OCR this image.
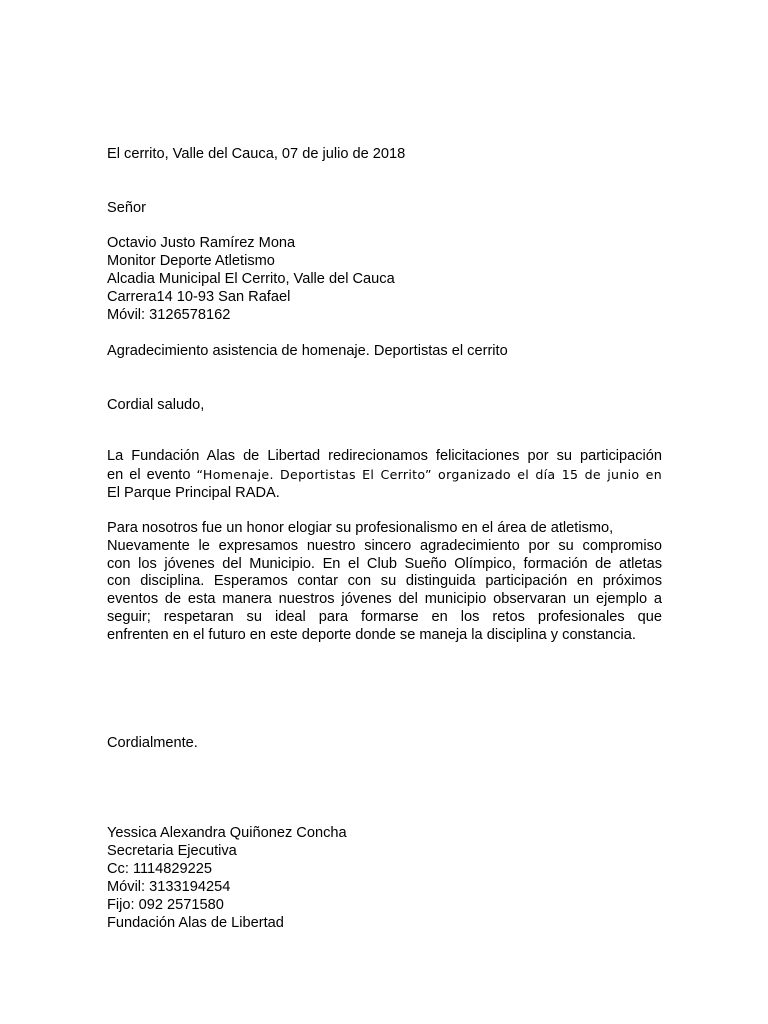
El cerrito, Valle del Cauca, 07 de julio de 2018
Señor
Octavio Justo Ramírez Mona
Monitor Deporte Atletismo
Alcadia Municipal El Cerrito, Valle del Cauca
Carrera14 10-93 San Rafael
Móvil: 3126578162
Agradecimiento asistencia de homenaje. Deportistas el cerrito
Cordial saludo,
La Fundación Alas de Libertad redirecionamos felicitaciones por su participación
en el evento “Homenaje. Deportistas El Cerrito” organizado el día 15 de junio en
El Parque Principal RADA.
Para nosotros fue un honor elogiar su profesionalismo en el área de atletismo,
Nuevamente le expresamos nuestro sincero agradecimiento por su compromiso
con los jóvenes del Municipio. En el Club Sueño Olímpico, formación de atletas
con disciplina. Esperamos contar con su distinguida participación en próximos
eventos de esta manera nuestros jóvenes del municipio observaran un ejemplo a
seguir; respetaran su ideal para formarse en los retos profesionales que
enfrenten en el futuro en este deporte donde se maneja la disciplina y constancia.
Cordialmente.
Yessica Alexandra Quiñonez Concha
Secretaria Ejecutiva
Cc: 1114829225
Móvil: 3133194254
Fijo: 092 2571580
Fundación Alas de Libertad
